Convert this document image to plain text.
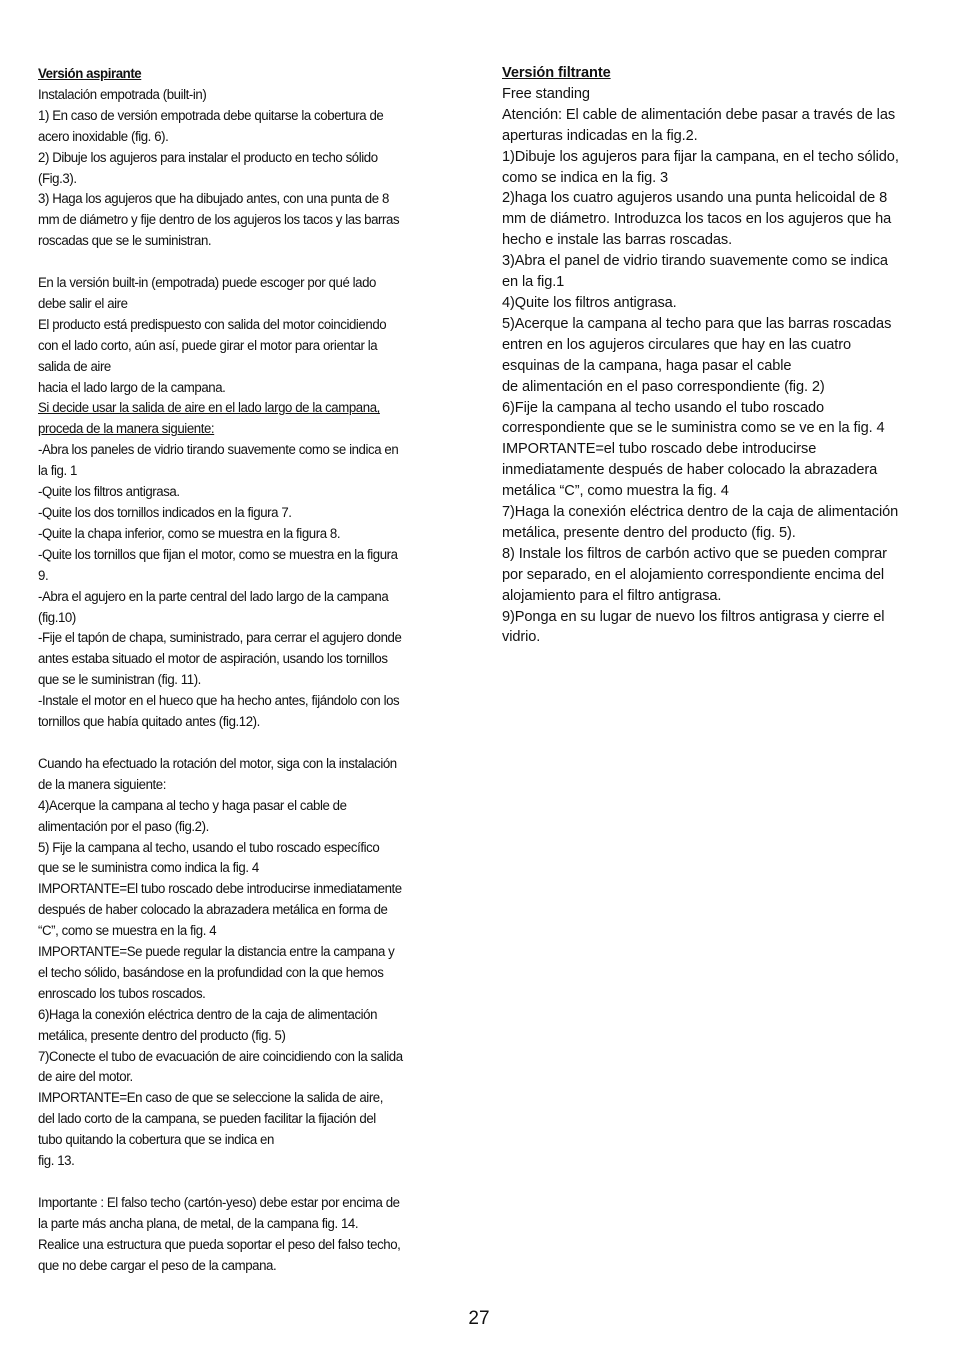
Versión aspirante
Instalación empotrada (built-in)
1) En caso de versión empotrada debe quitarse la cobertura de
acero inoxidable (fig. 6).
2) Dibuje los agujeros para instalar el producto en techo sólido
(Fig.3).
3) Haga los agujeros que ha dibujado antes, con una punta de 8
mm de diámetro y fije dentro de los agujeros los tacos y las barras
roscadas que se le suministran.
En la versión built-in (empotrada) puede escoger por qué lado
debe salir el aire
El producto está predispuesto con salida del motor coincidiendo
con el lado corto, aún así, puede girar el motor para orientar la
salida de aire
hacia el lado largo de la campana.
Si decide usar la salida de aire en el lado largo de la campana,
proceda de la manera siguiente:
-Abra los paneles de vidrio tirando suavemente como se indica en
la fig. 1
-Quite los filtros antigrasa.
-Quite los dos tornillos indicados en la figura 7.
-Quite la chapa inferior, como se muestra en la figura 8.
-Quite los tornillos que fijan el motor, como se muestra en la figura
9.
-Abra el agujero en la parte central del lado largo de la campana
(fig.10)
-Fije el tapón de chapa, suministrado, para cerrar el agujero donde
antes estaba situado el motor de aspiración, usando los tornillos
que se le suministran (fig. 11).
-Instale el motor en el hueco que ha hecho antes, fijándolo con los
tornillos que había quitado antes (fig.12).
Cuando ha efectuado la rotación del motor, siga con la instalación
de la manera siguiente:
4)Acerque la campana al techo y haga pasar el cable de
alimentación por el paso (fig.2).
5) Fije la campana al techo, usando el tubo roscado específico
que se le suministra como indica la fig. 4
IMPORTANTE=El tubo roscado debe introducirse inmediatamente
después de haber colocado la abrazadera metálica en forma de
“C”, como se muestra en la fig. 4
IMPORTANTE=Se puede regular la distancia entre la campana y
el techo sólido, basándose en la profundidad con la que hemos
enroscado los tubos roscados.
6)Haga la conexión eléctrica dentro de la caja de alimentación
metálica, presente dentro del producto (fig. 5)
7)Conecte el tubo de evacuación de aire coincidiendo con la salida
de aire del motor.
IMPORTANTE=En caso de que se seleccione la salida de aire,
del lado corto de la campana, se pueden facilitar la fijación del
tubo quitando la cobertura que se indica en
fig. 13.
Importante : El falso techo (cartón-yeso) debe estar por encima de
la parte más ancha plana, de metal, de la campana fig. 14.
Realice una estructura que pueda soportar el peso del falso techo,
que no debe cargar el peso de la campana.
Versión filtrante
Free standing
Atención: El cable de alimentación debe pasar a través de las
aperturas indicadas en la fig.2.
1)Dibuje los agujeros para fijar la campana, en el techo sólido,
como se indica en la fig. 3
2)haga los cuatro agujeros usando una punta helicoidal de 8
mm de diámetro. Introduzca los tacos en los agujeros que ha
hecho e instale las barras roscadas.
3)Abra el panel de vidrio tirando suavemente como se indica
en la fig.1
4)Quite los filtros antigrasa.
5)Acerque la campana al techo para que las barras roscadas
entren en los agujeros circulares que hay en las cuatro
esquinas de la campana, haga pasar el cable
de alimentación en el paso correspondiente (fig. 2)
6)Fije la campana al techo usando el tubo roscado
correspondiente que se le suministra como se ve en la fig. 4
IMPORTANTE=el tubo roscado debe introducirse
inmediatamente después de haber colocado la abrazadera
metálica “C”, como muestra la fig. 4
7)Haga la conexión eléctrica dentro de la caja de alimentación
metálica, presente dentro del producto (fig. 5).
8) Instale los filtros de carbón activo que se pueden comprar
por separado, en el alojamiento correspondiente encima del
alojamiento para el filtro antigrasa.
9)Ponga en su lugar de nuevo los filtros antigrasa y cierre el
vidrio.
27
